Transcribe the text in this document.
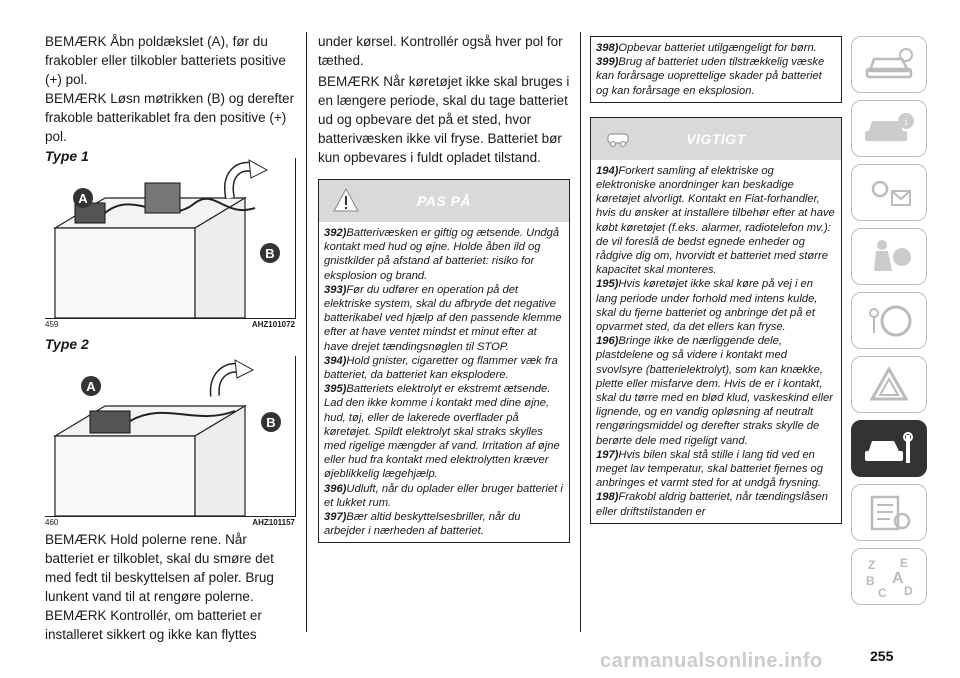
BEMÆRK Åbn poldækslet (A), før du frakobler eller tilkobler batteriets positive (+) pol.

BEMÆRK Løsn møtrikken (B) og derefter frakoble batterikablet fra den positive (+) pol.

Type 1
A
B
459	AHZ101072
Type 2
A
B
460	AHZ101157

BEMÆRK Hold polerne rene. Når batteriet er tilkoblet, skal du smøre det med fedt til beskyttelsen af poler. Brug lunkent vand til at rengøre polerne.

BEMÆRK Kontrollér, om batteriet er installeret sikkert og ikke kan flyttes

under kørsel. Kontrollér også hver pol for tæthed.

BEMÆRK Når køretøjet ikke skal bruges i en længere periode, skal du tage batteriet ud og opbevare det på et sted, hvor batterivæsken ikke vil fryse. Batteriet bør kun opbevares i fuldt opladet tilstand.

PAS PÅ

392)Batterivæsken er giftig og ætsende. Undgå kontakt med hud og øjne. Holde åben ild og gnistkilder på afstand af batteriet: risiko for eksplosion og brand.

393)Før du udfører en operation på det elektriske system, skal du afbryde det negative batterikabel ved hjælp af den passende klemme efter at have ventet mindst et minut efter at have drejet tændingsnøglen til STOP.

394)Hold gnister, cigaretter og flammer væk fra batteriet, da batteriet kan eksplodere.

395)Batteriets elektrolyt er ekstremt ætsende. Lad den ikke komme i kontakt med dine øjne, hud, tøj, eller de lakerede overflader på køretøjet. Spildt elektrolyt skal straks skylles med rigelige mængder af vand. Irritation af øjne eller hud fra kontakt med elektrolytten kræver øjeblikkelig lægehjælp.

396)Udluft, når du oplader eller bruger batteriet i et lukket rum.

397)Bær altid beskyttelsesbriller, når du arbejder i nærheden af batteriet.

398)Opbevar batteriet utilgængeligt for børn.

399)Brug af batteriet uden tilstrækkelig væske kan forårsage uoprettelige skader på batteriet og kan forårsage en eksplosion.

VIGTIGT

194)Forkert samling af elektriske og elektroniske anordninger kan beskadige køretøjet alvorligt. Kontakt en Fiat-forhandler, hvis du ønsker at installere tilbehør efter at have købt køretøjet (f.eks. alarmer, radiotelefon mv.): de vil foreslå de bedst egnede enheder og rådgive dig om, hvorvidt et batteriet med større kapacitet skal monteres.

195)Hvis køretøjet ikke skal køre på vej i en lang periode under forhold med intens kulde, skal du fjerne batteriet og anbringe det på et opvarmet sted, da det ellers kan fryse.

196)Bringe ikke de nærliggende dele, plastdelene og så videre i kontakt med svovlsyre (batterielektrolyt), som kan knække, plette eller misfarve dem. Hvis de er i kontakt, skal du tørre med en blød klud, vaskeskind eller lignende, og en vandig opløsning af neutralt rengøringsmiddel og derefter straks skylle de berørte dele med rigeligt vand.

197)Hvis bilen skal stå stille i lang tid ved en meget lav temperatur, skal batteriet fjernes og anbringes et varmt sted for at undgå frysning.

198)Frakobl aldrig batteriet, når tændingslåsen eller driftstilstanden er

i
Z E
B A
C D
255
carmanualsonline.info
